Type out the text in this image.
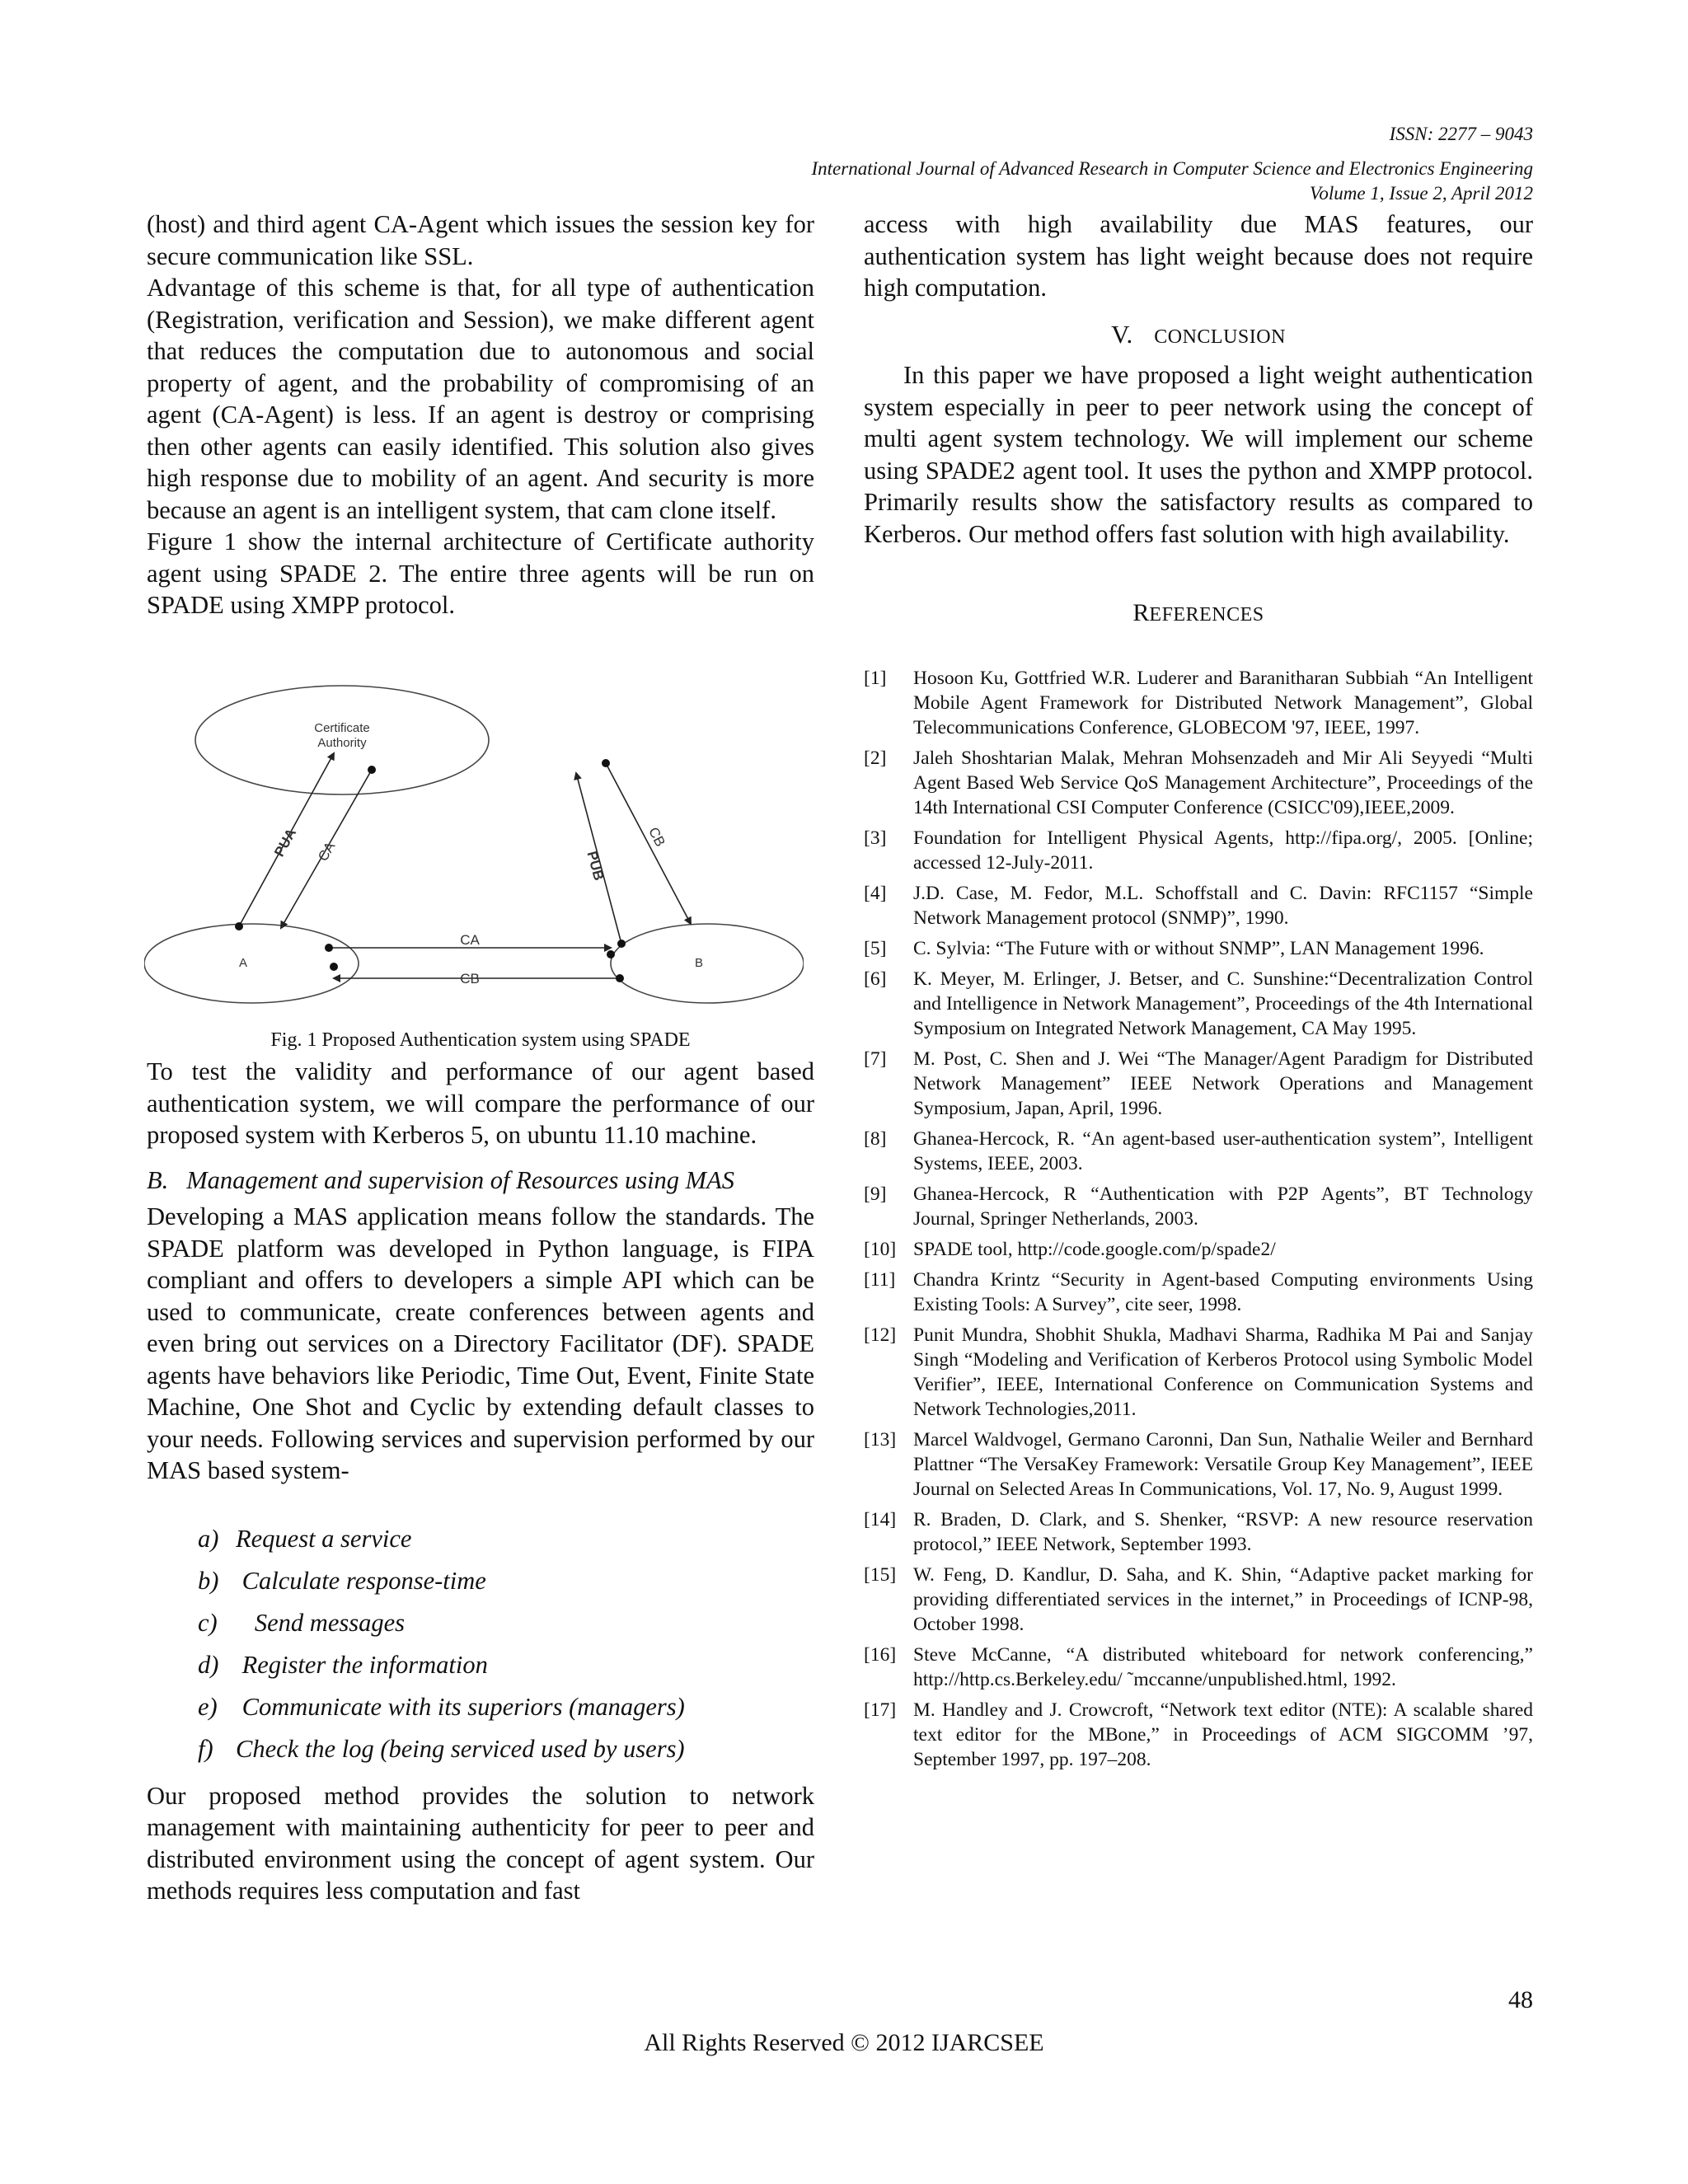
ISSN: 2277 – 9043
International Journal of Advanced Research in Computer Science and Electronics Engineering
Volume 1, Issue 2, April 2012

(host) and third agent CA-Agent which issues the session key for secure communication like SSL.

Advantage of this scheme is that, for all type of authentication (Registration, verification and Session), we make different agent that reduces the computation due to autonomous and social property of agent, and the probability of compromising of an agent (CA-Agent) is less. If an agent is destroy or comprising then other agents can easily identified. This solution also gives high response due to mobility of an agent. And security is more because an agent is an intelligent system, that cam clone itself.

Figure 1 show the internal architecture of Certificate authority agent using SPADE 2. The entire three agents will be run on SPADE using XMPP protocol.

Certificate
Authority
A	B
PUA CA	PUB
CB
CA
CB
Fig. 1 Proposed Authentication system using SPADE

To test the validity and performance of our agent based authentication system, we will compare the performance of our proposed system with Kerberos 5, on ubuntu 11.10 machine.

B. Management and supervision of Resources using MAS

Developing a MAS application means follow the standards. The SPADE platform was developed in Python language, is FIPA compliant and offers to developers a simple API which can be used to communicate, create conferences between agents and even bring out services on a Directory Facilitator (DF). SPADE agents have behaviors like Periodic, Time Out, Event, Finite State Machine, One Shot and Cyclic by extending default classes to your needs. Following services and supervision performed by our MAS based system-

a) Request a service
b) Calculate response-time
c) Send messages
d) Register the information
e) Communicate with its superiors (managers)
f) Check the log (being serviced used by users)

Our proposed method provides the solution to network management with maintaining authenticity for peer to peer and distributed environment using the concept of agent system. Our methods requires less computation and fast

access with high availability due MAS features, our authentication system has light weight because does not require high computation.

V. CONCLUSION

In this paper we have proposed a light weight authentication system especially in peer to peer network using the concept of multi agent system technology. We will implement our scheme using SPADE2 agent tool. It uses the python and XMPP protocol. Primarily results show the satisfactory results as compared to Kerberos. Our method offers fast solution with high availability.

REFERENCES
[1]	Hosoon Ku, Gottfried W.R. Luderer and Baranitharan Subbiah “An Intelligent Mobile Agent Framework for Distributed Network Management”, Global Telecommunications Conference, GLOBECOM '97, IEEE, 1997.
[2]	Jaleh Shoshtarian Malak, Mehran Mohsenzadeh and Mir Ali Seyyedi “Multi Agent Based Web Service QoS Management Architecture”, Proceedings of the 14th International CSI Computer Conference (CSICC'09),IEEE,2009.
[3]	Foundation for Intelligent Physical Agents, http://fipa.org/, 2005. [Online; accessed 12-July-2011.
[4]	J.D. Case, M. Fedor, M.L. Schoffstall and C. Davin: RFC1157 “Simple Network Management protocol (SNMP)”, 1990.
[5]	C. Sylvia: “The Future with or without SNMP”, LAN Management 1996.
[6]	K. Meyer, M. Erlinger, J. Betser, and C. Sunshine:“Decentralization Control and Intelligence in Network Management”, Proceedings of the 4th International Symposium on Integrated Network Management, CA May 1995.
[7]	M. Post, C. Shen and J. Wei “The Manager/Agent Paradigm for Distributed Network Management” IEEE Network Operations and Management Symposium, Japan, April, 1996.
[8]	Ghanea-Hercock, R. “An agent-based user-authentication system”, Intelligent Systems, IEEE, 2003.
[9]	Ghanea-Hercock, R “Authentication with P2P Agents”, BT Technology Journal, Springer Netherlands, 2003.
[10] SPADE tool, http://code.google.com/p/spade2/
[11] Chandra Krintz “Security in Agent-based Computing environments Using Existing Tools: A Survey”, cite seer, 1998.
[12] Punit Mundra, Shobhit Shukla, Madhavi Sharma, Radhika M Pai and Sanjay Singh “Modeling and Verification of Kerberos Protocol using Symbolic Model Verifier”, IEEE, International Conference on Communication Systems and Network Technologies,2011.
[13] Marcel Waldvogel, Germano Caronni, Dan Sun, Nathalie Weiler and Bernhard Plattner “The VersaKey Framework: Versatile Group Key Management”, IEEE Journal on Selected Areas In Communications, Vol. 17, No. 9, August 1999.
[14] R. Braden, D. Clark, and S. Shenker, “RSVP: A new resource reservation protocol,” IEEE Network, September 1993.
[15] W. Feng, D. Kandlur, D. Saha, and K. Shin, “Adaptive packet marking for providing differentiated services in the internet,” in Proceedings of ICNP-98, October 1998.
[16] Steve McCanne, “A distributed whiteboard for network conferencing,” http://http.cs.Berkeley.edu/ ˜mccanne/unpublished.html, 1992.
[17] M. Handley and J. Crowcroft, “Network text editor (NTE): A scalable shared text editor for the MBone,” in Proceedings of ACM SIGCOMM ’97, September 1997, pp. 197–208.
48
All Rights Reserved © 2012 IJARCSEE
